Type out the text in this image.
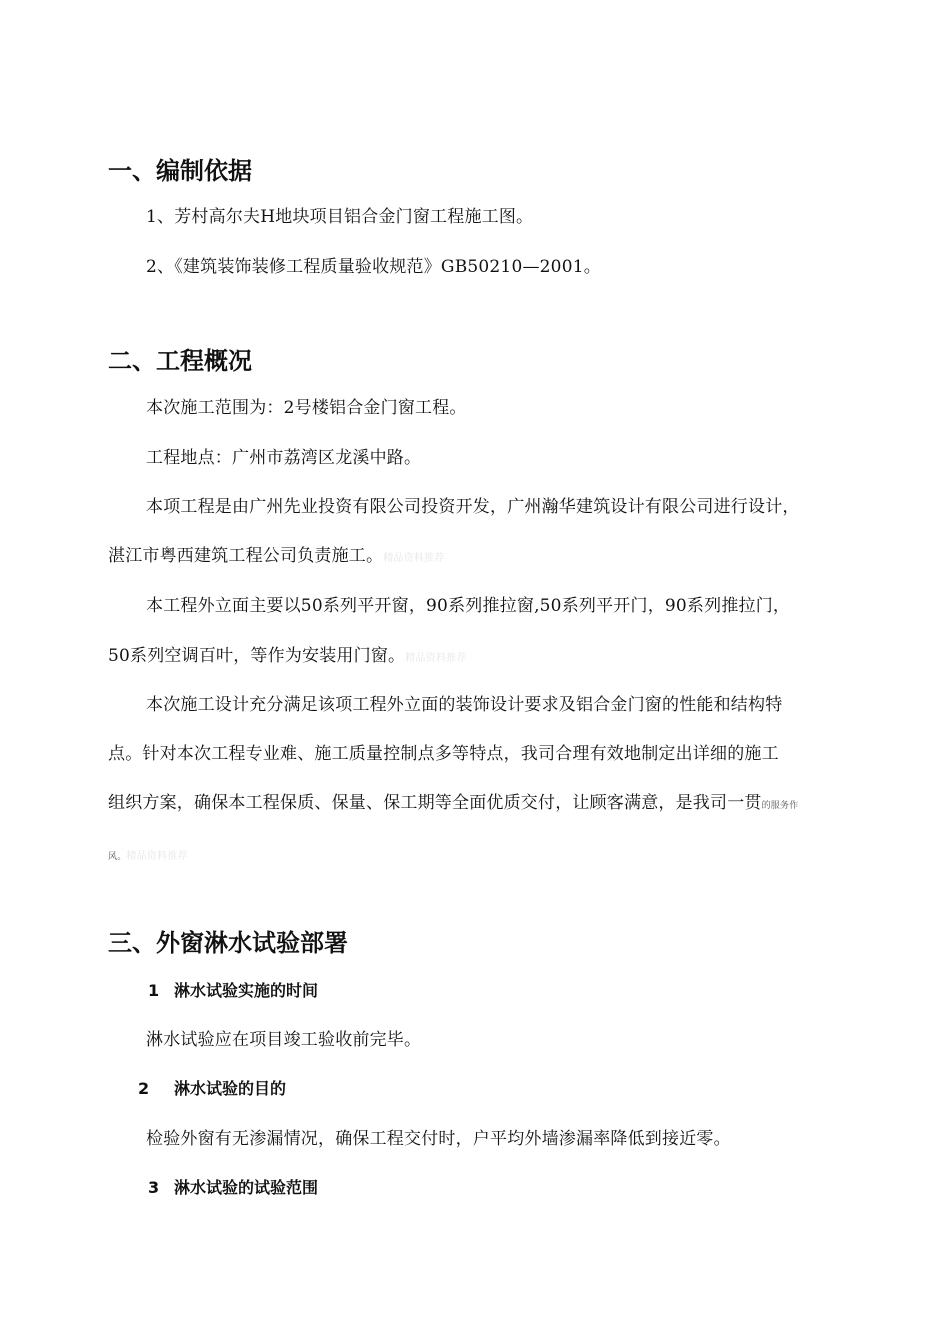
一、编制依据
1、芳村高尔夫H地块项目铝合金门窗工程施工图。
2、《建筑装饰装修工程质量验收规范》GB50210—2001。
二、工程概况
本次施工范围为：2号楼铝合金门窗工程。
工程地点：广州市荔湾区龙溪中路。
本项工程是由广州先业投资有限公司投资开发，广州瀚华建筑设计有限公司进行设计，
湛江市粤西建筑工程公司负责施工。精品资料推荐
本工程外立面主要以50系列平开窗，90系列推拉窗,50系列平开门，90系列推拉门，
50系列空调百叶，等作为安装用门窗。精品资料推荐
本次施工设计充分满足该项工程外立面的装饰设计要求及铝合金门窗的性能和结构特
点。针对本次工程专业难、施工质量控制点多等特点，我司合理有效地制定出详细的施工
组织方案，确保本工程保质、保量、保工期等全面优质交付，让顾客满意，是我司一贯的服务作
风。精品资料推荐
三、外窗淋水试验部署
1 淋水试验实施的时间
淋水试验应在项目竣工验收前完毕。
2 淋水试验的目的
检验外窗有无渗漏情况，确保工程交付时，户平均外墙渗漏率降低到接近零。
3 淋水试验的试验范围
